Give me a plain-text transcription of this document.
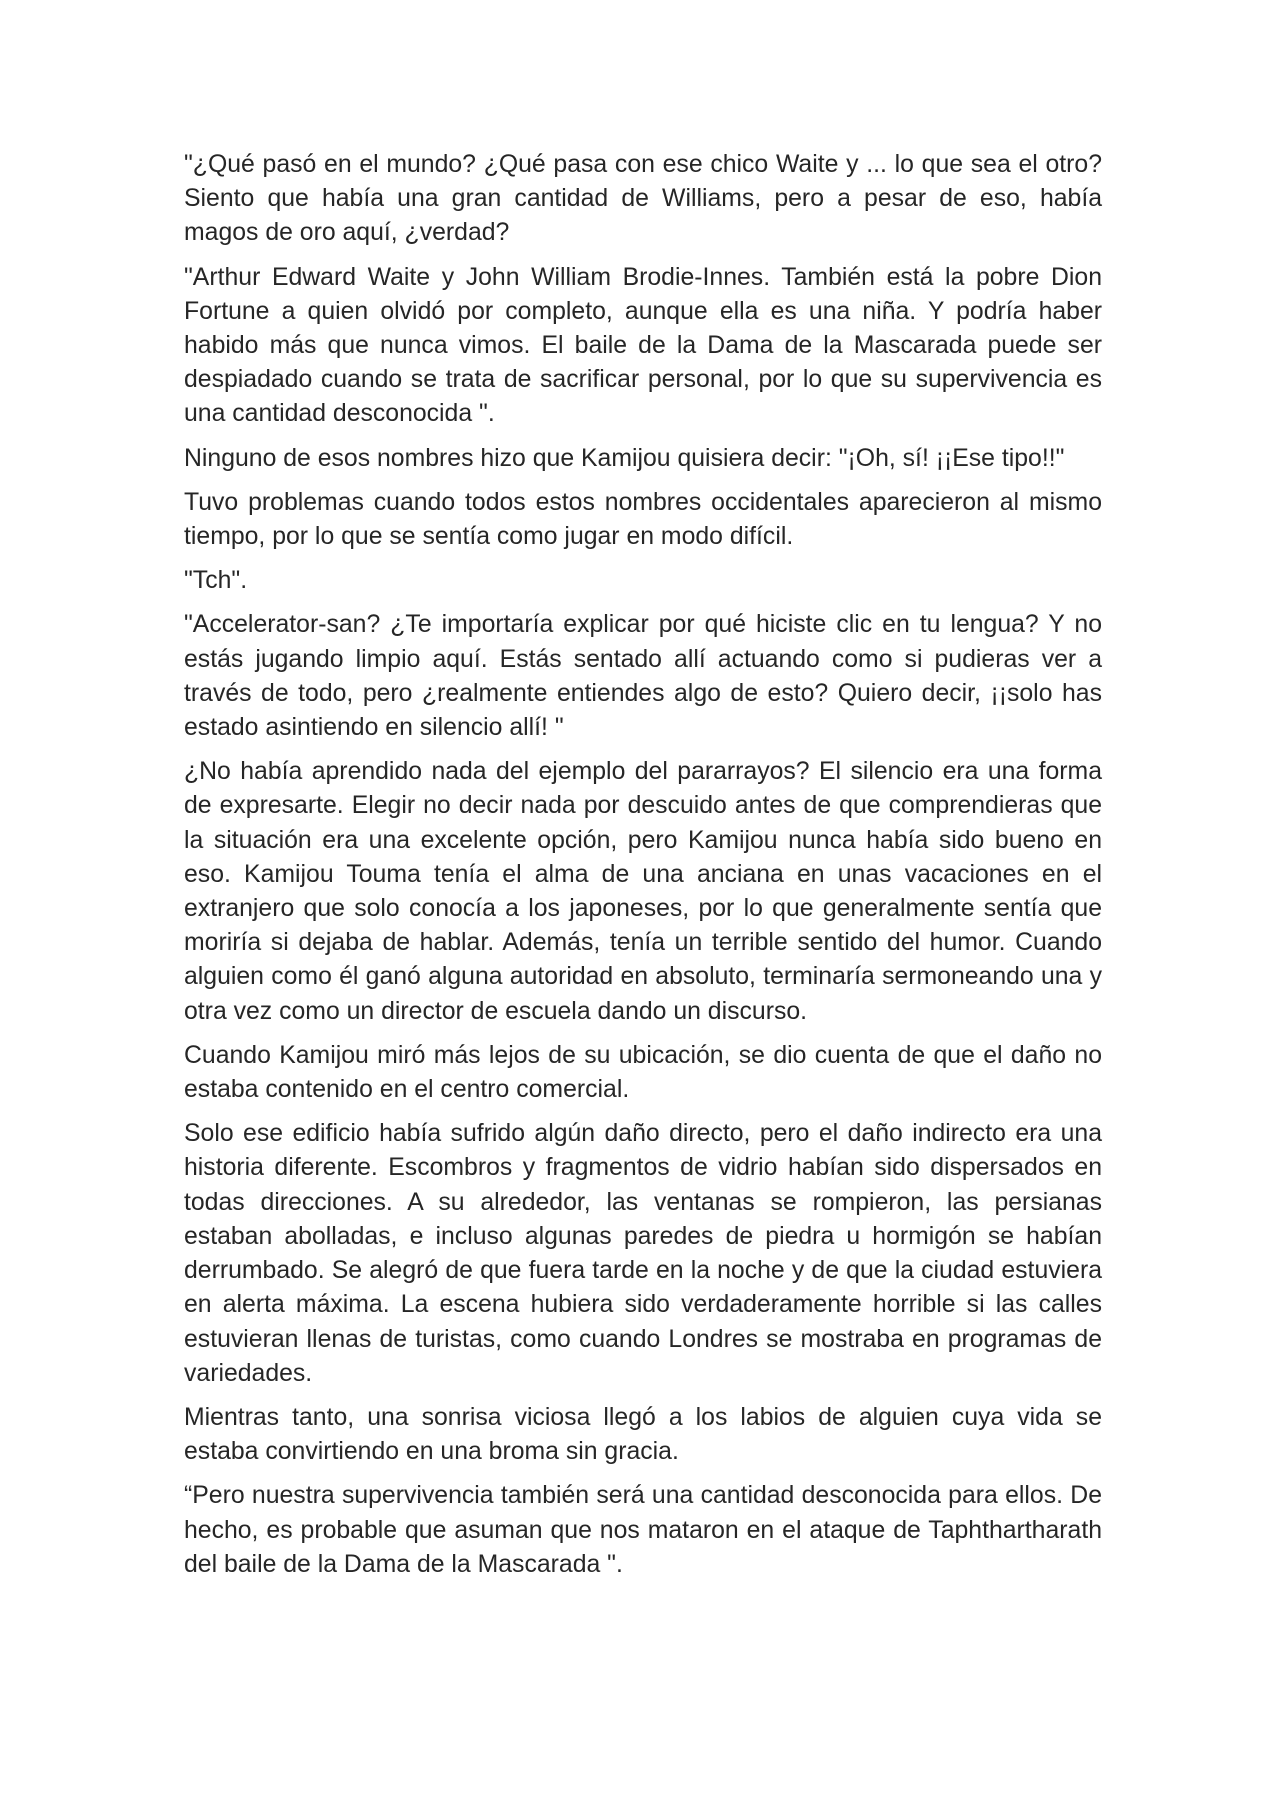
"¿Qué pasó en el mundo? ¿Qué pasa con ese chico Waite y ... lo que sea el otro? Siento que había una gran cantidad de Williams, pero a pesar de eso, había magos de oro aquí, ¿verdad?

"Arthur Edward Waite y John William Brodie-Innes. También está la pobre Dion Fortune a quien olvidó por completo, aunque ella es una niña. Y podría haber habido más que nunca vimos. El baile de la Dama de la Mascarada puede ser despiadado cuando se trata de sacrificar personal, por lo que su supervivencia es una cantidad desconocida ".

Ninguno de esos nombres hizo que Kamijou quisiera decir: "¡Oh, sí! ¡¡Ese tipo!!"

Tuvo problemas cuando todos estos nombres occidentales aparecieron al mismo tiempo, por lo que se sentía como jugar en modo difícil.

"Tch".

"Accelerator-san? ¿Te importaría explicar por qué hiciste clic en tu lengua? Y no estás jugando limpio aquí. Estás sentado allí actuando como si pudieras ver a través de todo, pero ¿realmente entiendes algo de esto? Quiero decir, ¡¡solo has estado asintiendo en silencio allí! "

¿No había aprendido nada del ejemplo del pararrayos? El silencio era una forma de expresarte. Elegir no decir nada por descuido antes de que comprendieras que la situación era una excelente opción, pero Kamijou nunca había sido bueno en eso. Kamijou Touma tenía el alma de una anciana en unas vacaciones en el extranjero que solo conocía a los japoneses, por lo que generalmente sentía que moriría si dejaba de hablar. Además, tenía un terrible sentido del humor. Cuando alguien como él ganó alguna autoridad en absoluto, terminaría sermoneando una y otra vez como un director de escuela dando un discurso.

Cuando Kamijou miró más lejos de su ubicación, se dio cuenta de que el daño no estaba contenido en el centro comercial.

Solo ese edificio había sufrido algún daño directo, pero el daño indirecto era una historia diferente. Escombros y fragmentos de vidrio habían sido dispersados en todas direcciones. A su alrededor, las ventanas se rompieron, las persianas estaban abolladas, e incluso algunas paredes de piedra u hormigón se habían derrumbado. Se alegró de que fuera tarde en la noche y de que la ciudad estuviera en alerta máxima. La escena hubiera sido verdaderamente horrible si las calles estuvieran llenas de turistas, como cuando Londres se mostraba en programas de variedades.

Mientras tanto, una sonrisa viciosa llegó a los labios de alguien cuya vida se estaba convirtiendo en una broma sin gracia.

“Pero nuestra supervivencia también será una cantidad desconocida para ellos. De hecho, es probable que asuman que nos mataron en el ataque de Taphthartharath del baile de la Dama de la Mascarada ".
